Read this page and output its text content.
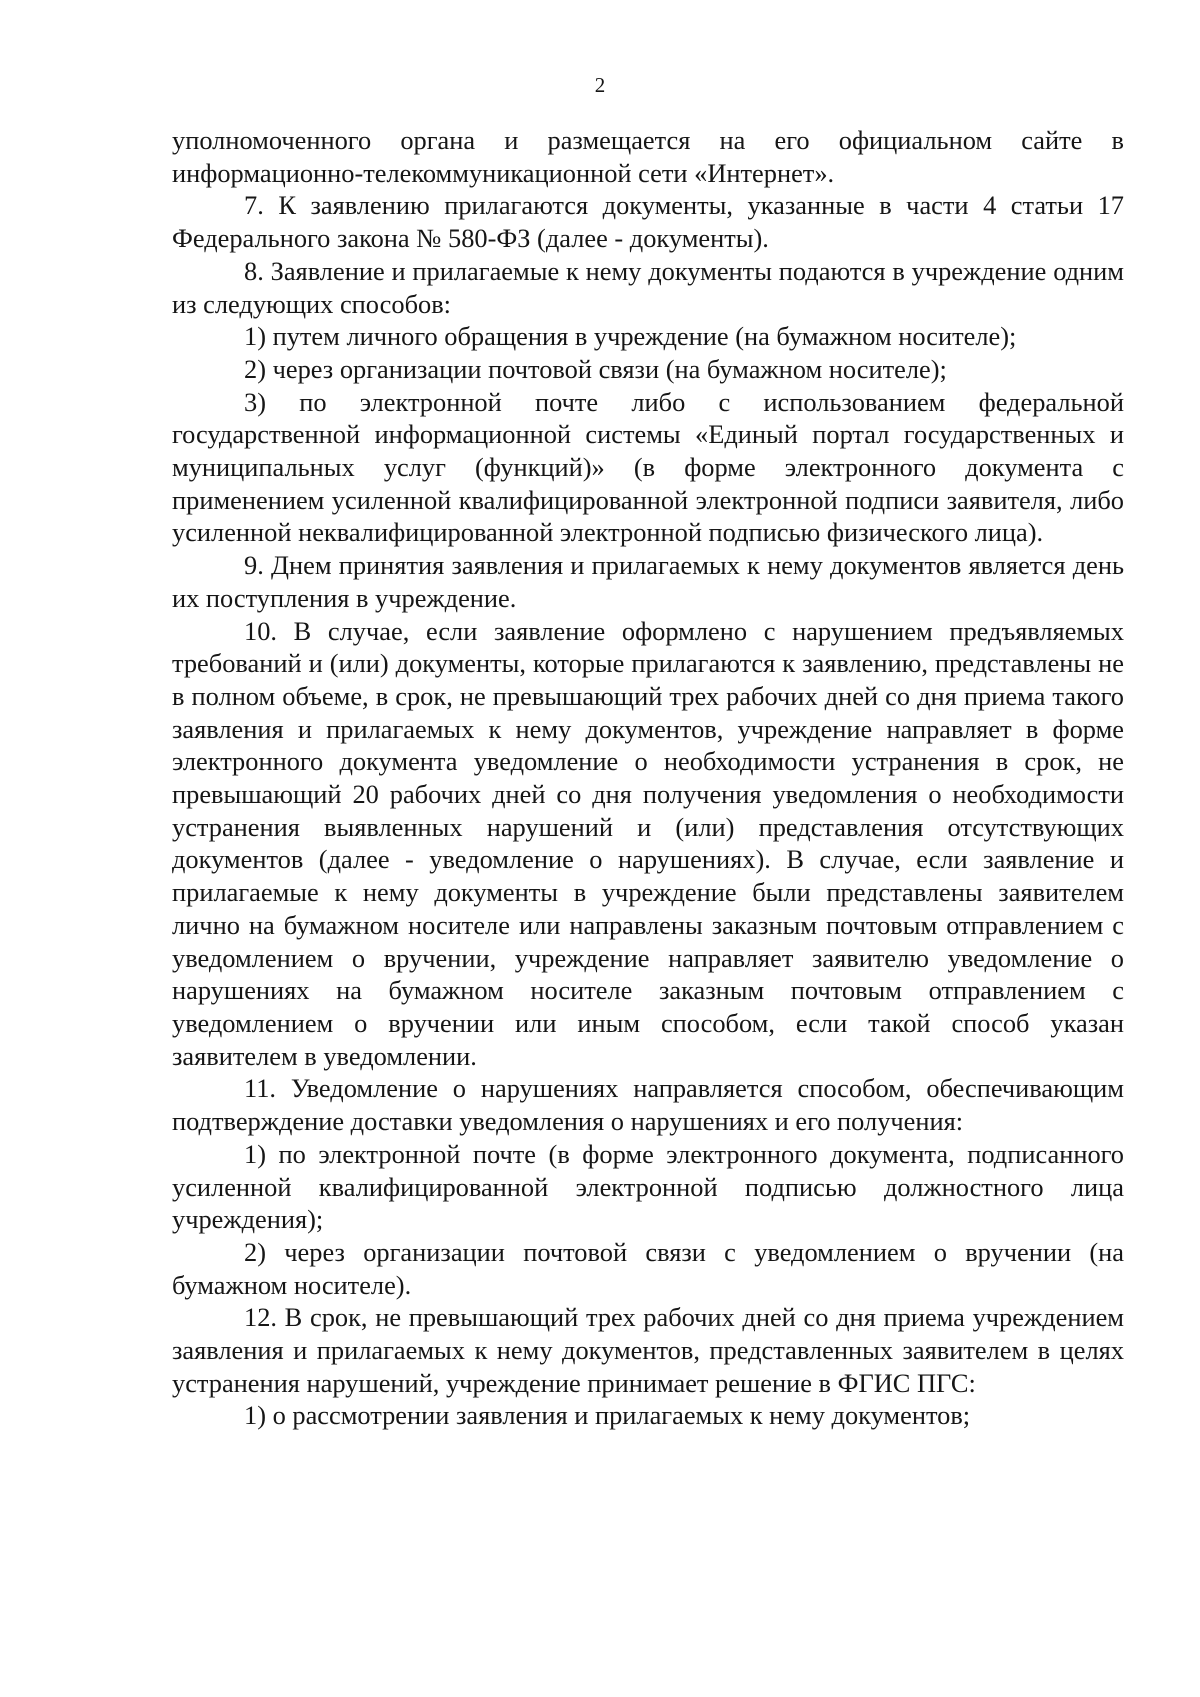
2
уполномоченного органа и размещается на его официальном сайте в информационно-телекоммуникационной сети «Интернет».
7. К заявлению прилагаются документы, указанные в части 4 статьи 17 Федерального закона № 580-ФЗ (далее - документы).
8. Заявление и прилагаемые к нему документы подаются в учреждение одним из следующих способов:
1) путем личного обращения в учреждение (на бумажном носителе);
2) через организации почтовой связи (на бумажном носителе);
3) по электронной почте либо с использованием федеральной государственной информационной системы «Единый портал государственных и муниципальных услуг (функций)» (в форме электронного документа с применением усиленной квалифицированной электронной подписи заявителя, либо усиленной неквалифицированной электронной подписью физического лица).
9. Днем принятия заявления и прилагаемых к нему документов является день их поступления в учреждение.
10. В случае, если заявление оформлено с нарушением предъявляемых требований и (или) документы, которые прилагаются к заявлению, представлены не в полном объеме, в срок, не превышающий трех рабочих дней со дня приема такого заявления и прилагаемых к нему документов, учреждение направляет в форме электронного документа уведомление о необходимости устранения в срок, не превышающий 20 рабочих дней со дня получения уведомления о необходимости устранения выявленных нарушений и (или) представления отсутствующих документов (далее - уведомление о нарушениях). В случае, если заявление и прилагаемые к нему документы в учреждение были представлены заявителем лично на бумажном носителе или направлены заказным почтовым отправлением с уведомлением о вручении, учреждение направляет заявителю уведомление о нарушениях на бумажном носителе заказным почтовым отправлением с уведомлением о вручении или иным способом, если такой способ указан заявителем в уведомлении.
11. Уведомление о нарушениях направляется способом, обеспечивающим подтверждение доставки уведомления о нарушениях и его получения:
1) по электронной почте (в форме электронного документа, подписанного усиленной квалифицированной электронной подписью должностного лица учреждения);
2) через организации почтовой связи с уведомлением о вручении (на бумажном носителе).
12. В срок, не превышающий трех рабочих дней со дня приема учреждением заявления и прилагаемых к нему документов, представленных заявителем в целях устранения нарушений, учреждение принимает решение в ФГИС ПГС:
1) о рассмотрении заявления и прилагаемых к нему документов;
